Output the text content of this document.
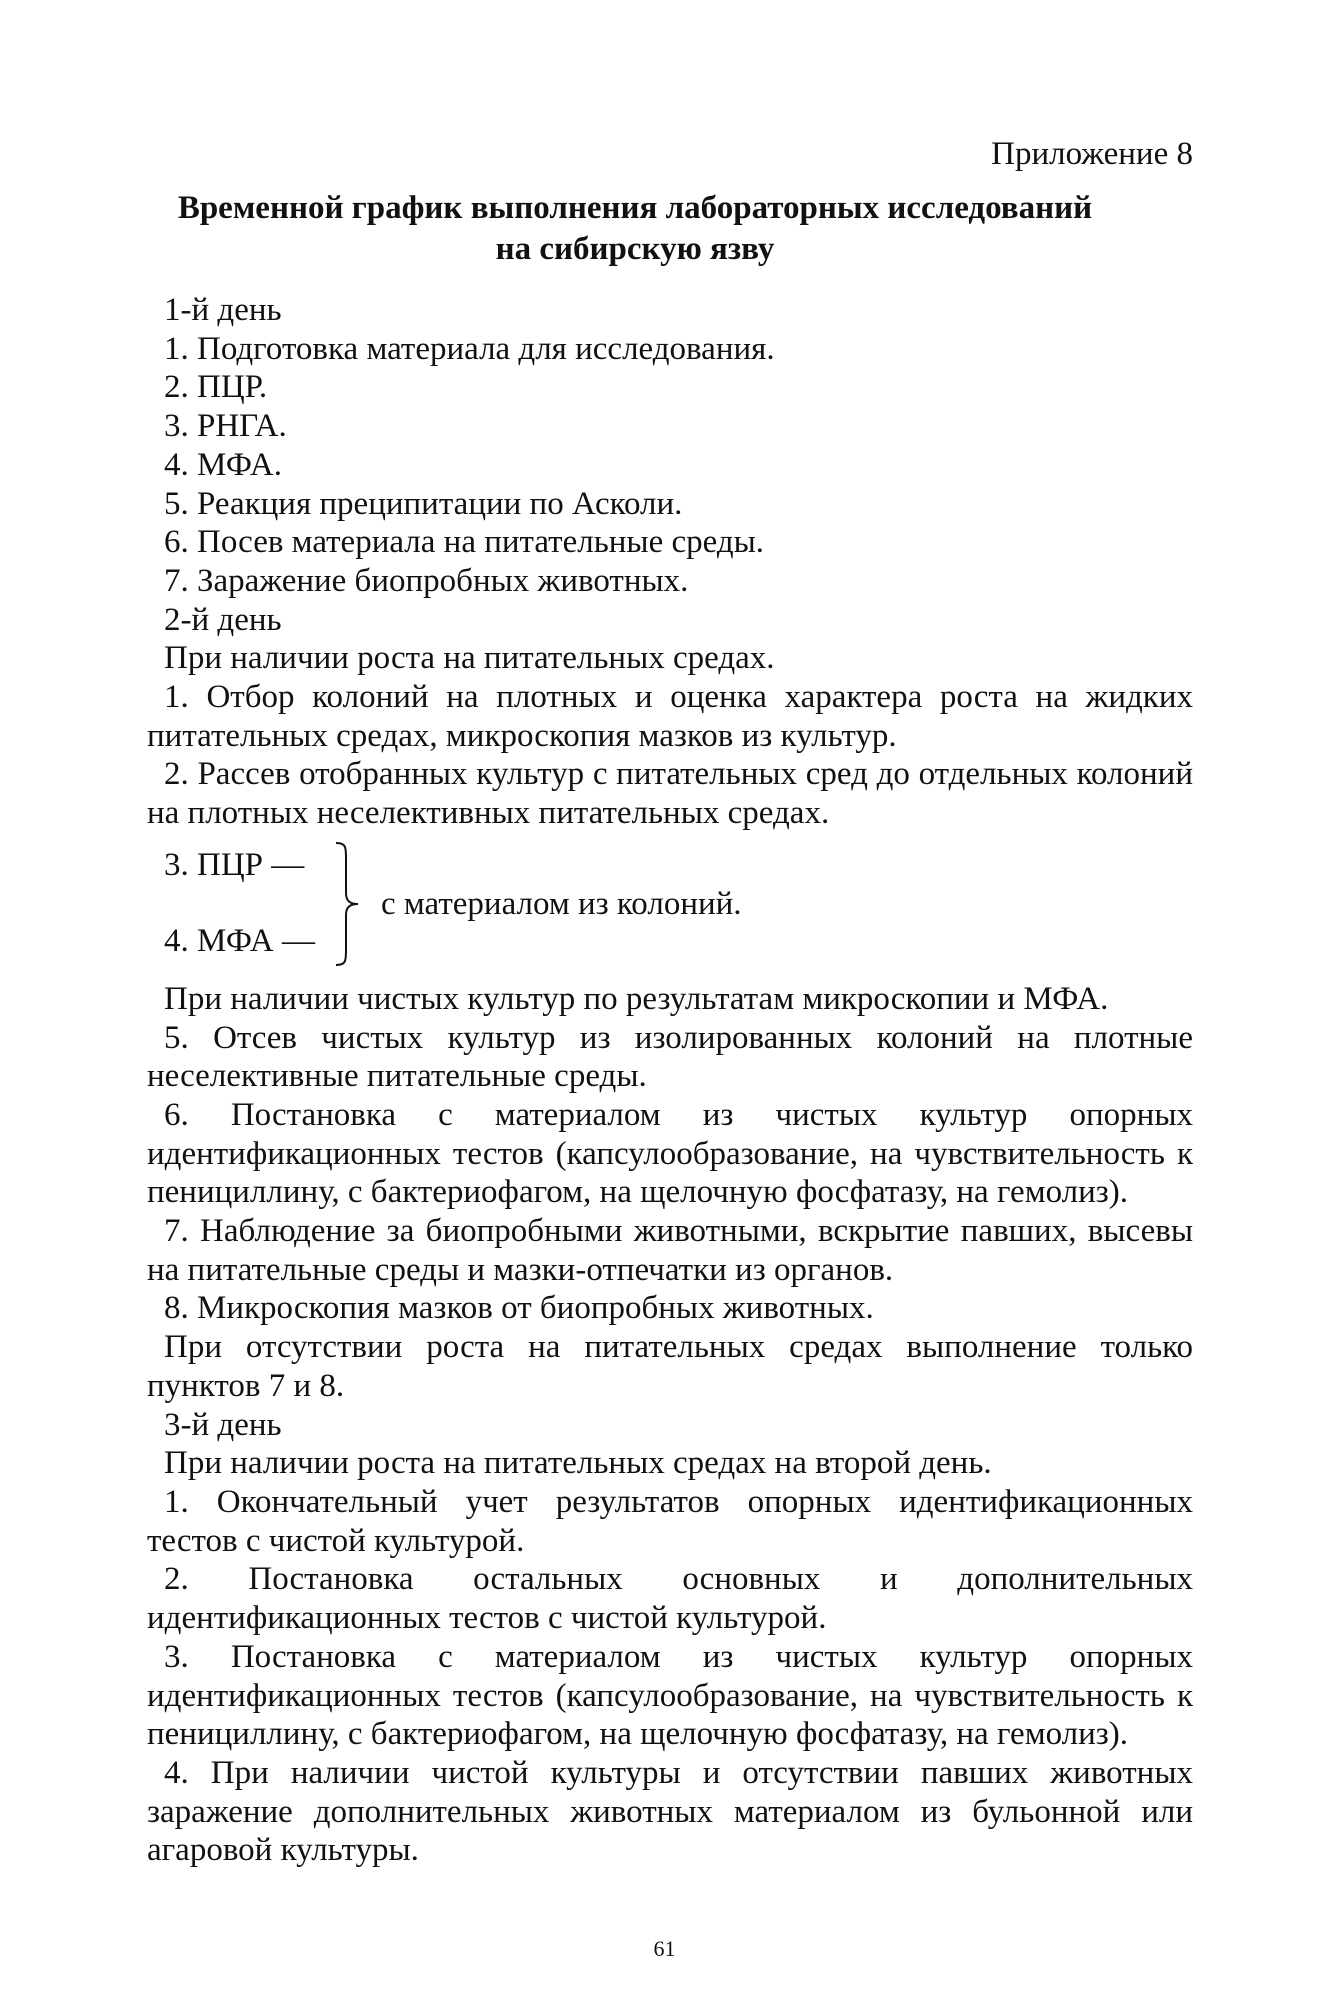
Приложение 8

Временной график выполнения лабораторных исследований
на сибирскую язву

1-й день

1. Подготовка материала для исследования.

2. ПЦР.

3. РНГА.

4. МФА.

5. Реакция преципитации по Асколи.

6. Посев материала на питательные среды.

7. Заражение биопробных животных.

2-й день

При наличии роста на питательных средах.

1. Отбор колоний на плотных и оценка характера роста на жидких питательных средах, микроскопия мазков из культур.

2. Рассев отобранных культур с питательных сред до отдельных колоний на плотных неселективных питательных средах.

3. ПЦР —
4. МФА —
с материалом из колоний.

При наличии чистых культур по результатам микроскопии и МФА.

5. Отсев чистых культур из изолированных колоний на плотные неселективные питательные среды.

6. Постановка с материалом из чистых культур опорных идентификационных тестов (капсулообразование, на чувствительность к пенициллину, с бактериофагом, на щелочную фосфатазу, на гемолиз).

7. Наблюдение за биопробными животными, вскрытие павших, высевы на питательные среды и мазки-отпечатки из органов.

8. Микроскопия мазков от биопробных животных.

При отсутствии роста на питательных средах выполнение только пунктов 7 и 8.

3-й день

При наличии роста на питательных средах на второй день.

1. Окончательный учет результатов опорных идентификационных тестов с чистой культурой.

2. Постановка остальных основных и дополнительных идентификационных тестов с чистой культурой.

3. Постановка с материалом из чистых культур опорных идентификационных тестов (капсулообразование, на чувствительность к пенициллину, с бактериофагом, на щелочную фосфатазу, на гемолиз).

4. При наличии чистой культуры и отсутствии павших животных заражение дополнительных животных материалом из бульонной или агаровой культуры.

61
